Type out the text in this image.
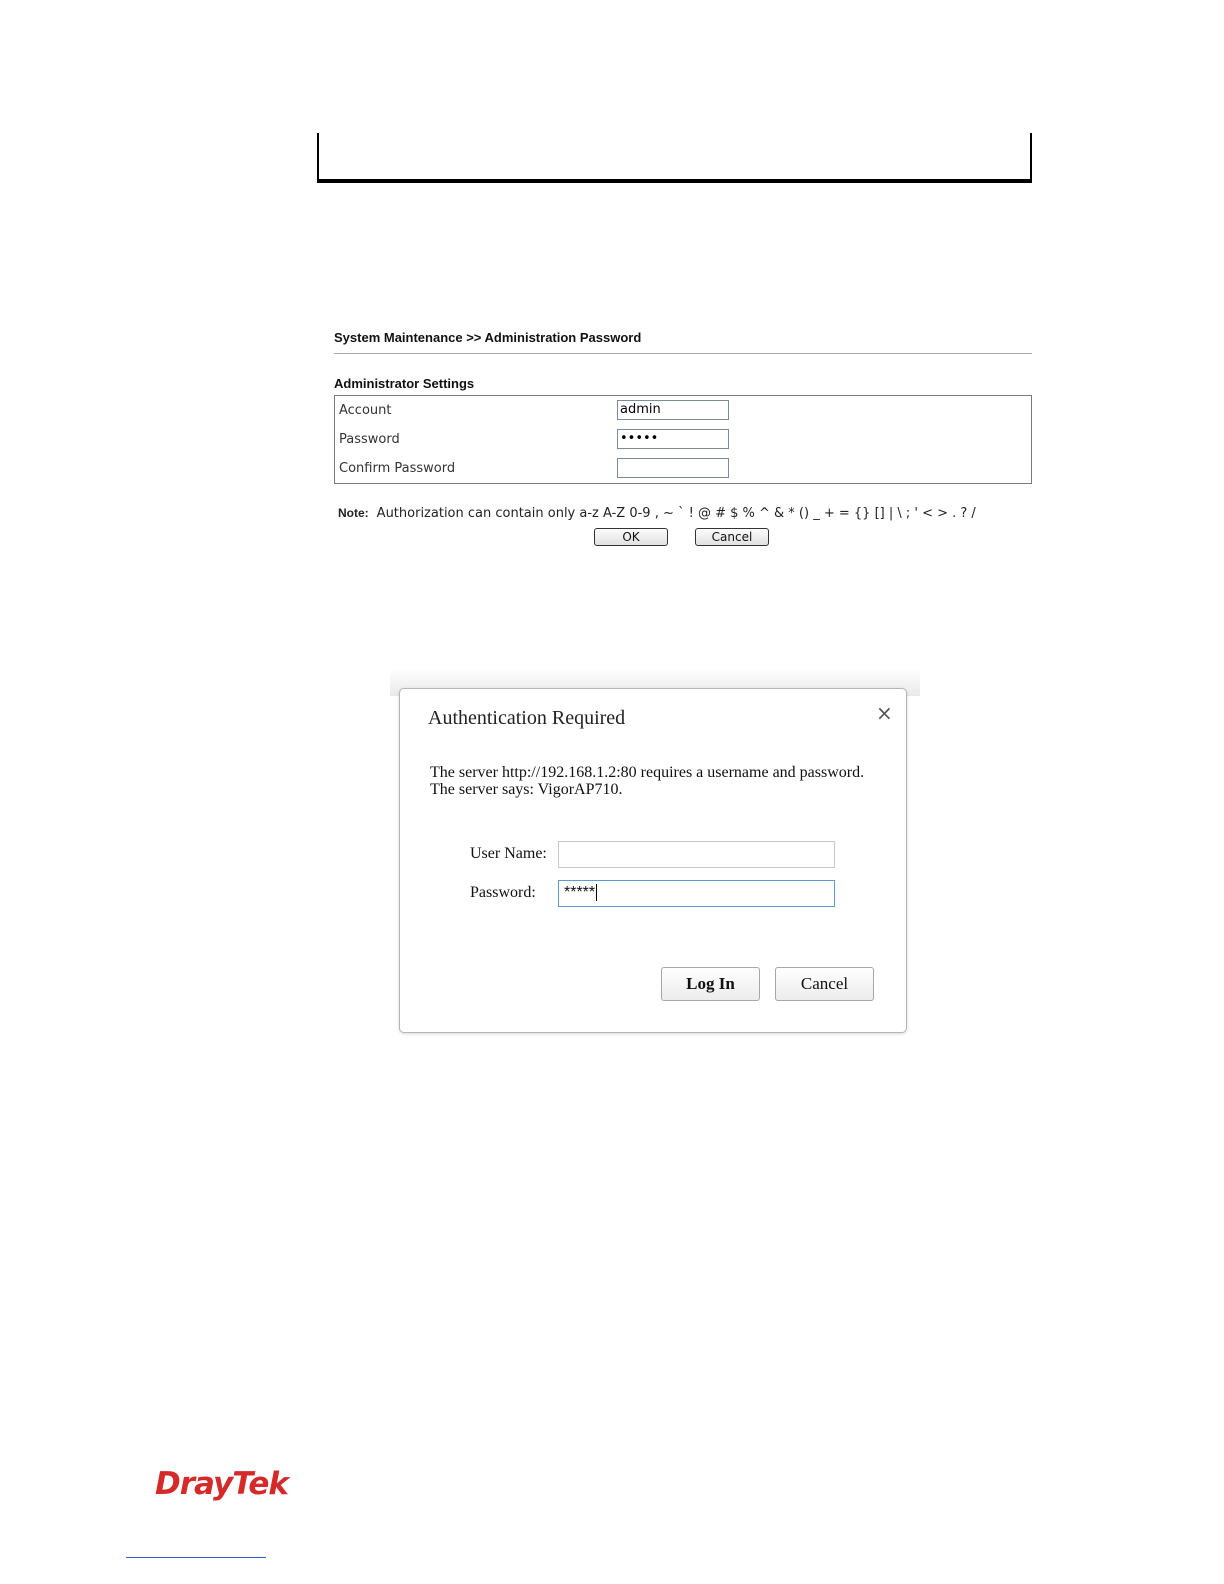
System Maintenance >> Administration Password
Administrator Settings
Account	admin
Password	•••••
Confirm Password
Note: Authorization can contain only a-z A-Z 0-9 , ~ ` ! @ # $ % ^ & * () _ + = {} [] | \ ; ' < > . ? /
OK	Cancel
Authentication Required	×
The server http://192.168.1.2:80 requires a username and password.
The server says: VigorAP710.
User Name:
Password:	*****
Log In	Cancel
DrayTek
